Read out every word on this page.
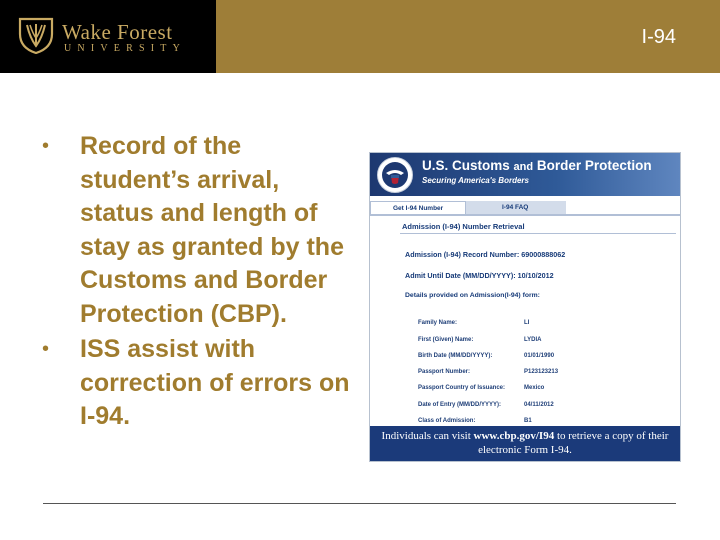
Wake Forest
UNIVERSITY
I-94
• Record of the student’s arrival, status and length of stay as granted by the Customs and Border Protection (CBP).
• ISS assist with correction of errors on I-94.
U.S. Customs and Border Protection
Securing America's Borders
Get I-94 Number	I-94 FAQ
Admission (I-94) Number Retrieval
Admission (I-94) Record Number: 69000888062
Admit Until Date (MM/DD/YYYY): 10/10/2012
Details provided on Admission(I-94) form:
Family Name:	LI
First (Given) Name:	LYDIA
Birth Date (MM/DD/YYYY):	01/01/1990
Passport Number:	P123123213
Passport Country of Issuance:	Mexico
Date of Entry (MM/DD/YYYY):	04/11/2012
Class of Admission:	B1
Individuals can visit www.cbp.gov/I94 to retrieve a copy of their electronic Form I-94.
